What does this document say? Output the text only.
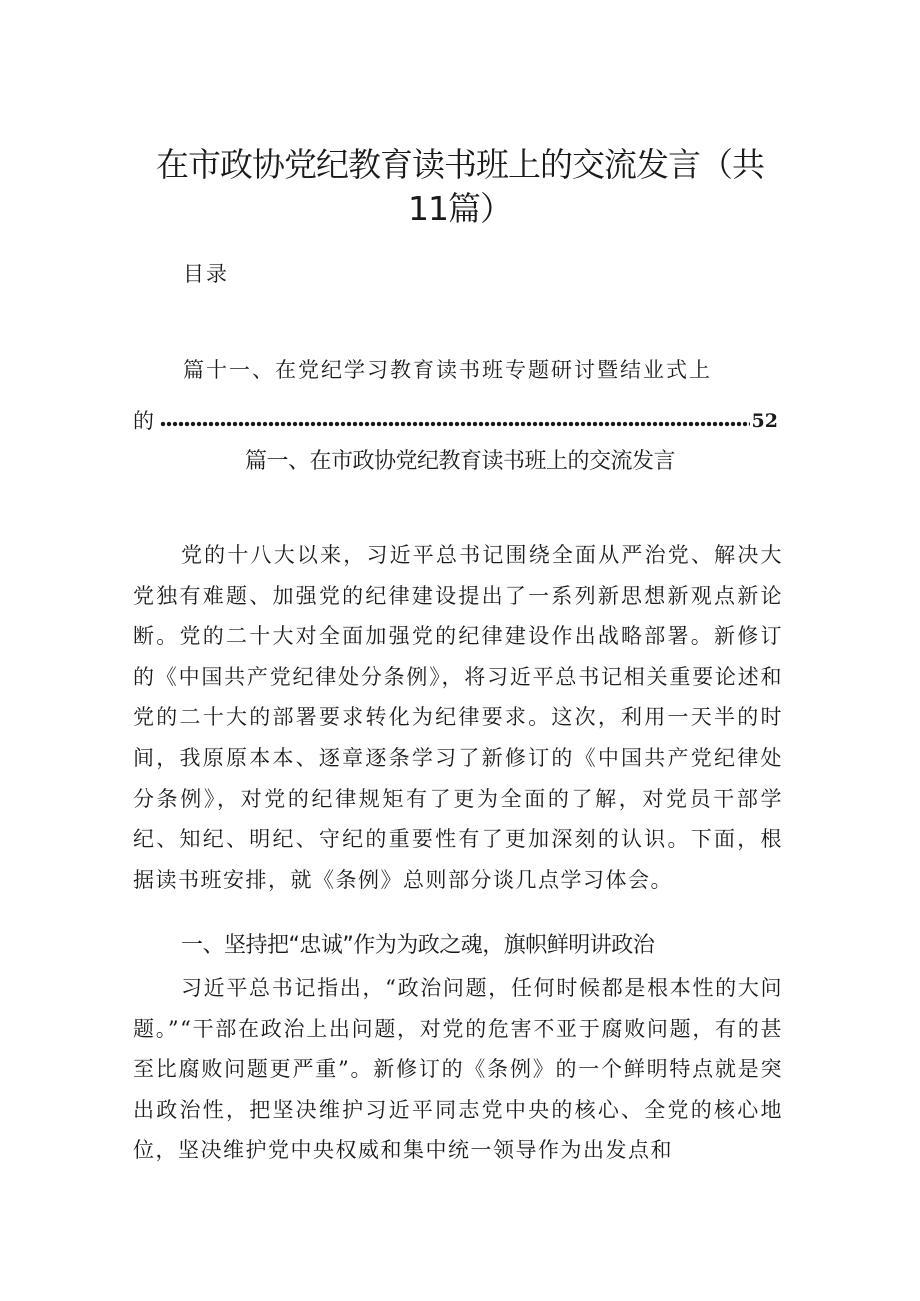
在市政协党纪教育读书班上的交流发言（共
11篇）
目录
篇十一、在党纪学习教育读书班专题研讨暨结业式上
的	52
篇一、在市政协党纪教育读书班上的交流发言

党的十八大以来，习近平总书记围绕全面从严治党、解决大党独有难题、加强党的纪律建设提出了一系列新思想新观点新论断。党的二十大对全面加强党的纪律建设作出战略部署。新修订的《中国共产党纪律处分条例》，将习近平总书记相关重要论述和党的二十大的部署要求转化为纪律要求。这次，利用一天半的时间，我原原本本、逐章逐条学习了新修订的《中国共产党纪律处分条例》，对党的纪律规矩有了更为全面的了解，对党员干部学纪、知纪、明纪、守纪的重要性有了更加深刻的认识。下面，根据读书班安排，就《条例》总则部分谈几点学习体会。

一、坚持把“忠诚”作为为政之魂，旗帜鲜明讲政治

习近平总书记指出，“政治问题，任何时候都是根本性的大问题。”“干部在政治上出问题，对党的危害不亚于腐败问题，有的甚至比腐败问题更严重”。新修订的《条例》的一个鲜明特点就是突出政治性，把坚决维护习近平同志党中央的核心、全党的核心地位，坚决维护党中央权威和集中统一领导作为出发点和
